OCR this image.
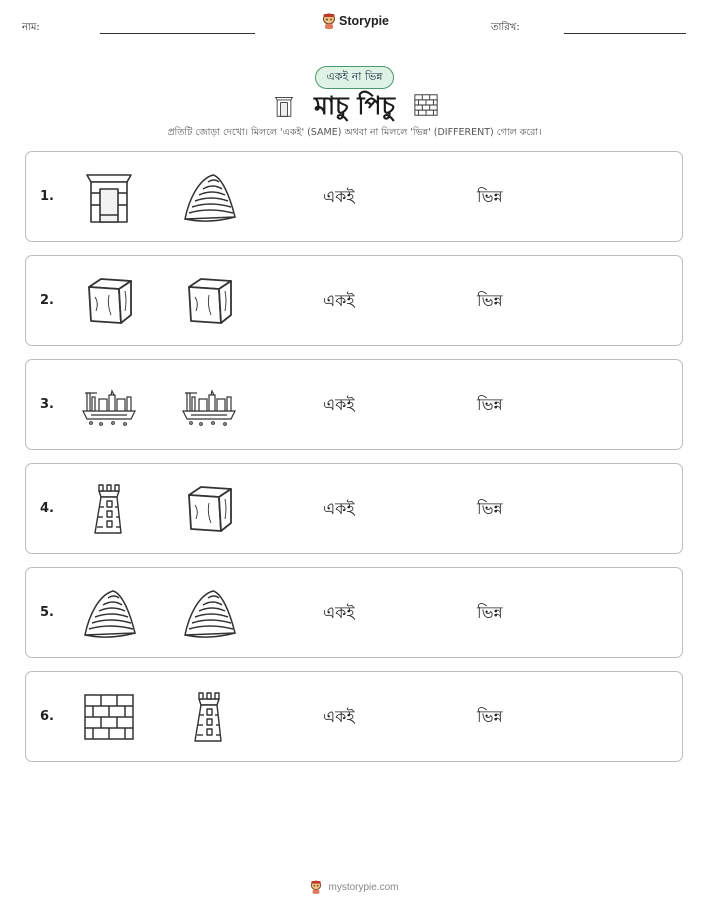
নাম:	Storypie	তারিখ:
একই না ভিন্ন
মাচু পিচু
প্রতিটি জোড়া দেখো। মিললে 'একই' (SAME) অথবা না মিললে 'ভিন্ন' (DIFFERENT) গোল করো।
1.	একই	ভিন্ন
2.	একই	ভিন্ন
3.	একই	ভিন্ন
4.	একই	ভিন্ন
5.	একই	ভিন্ন
6.	একই	ভিন্ন
mystorypie.com
